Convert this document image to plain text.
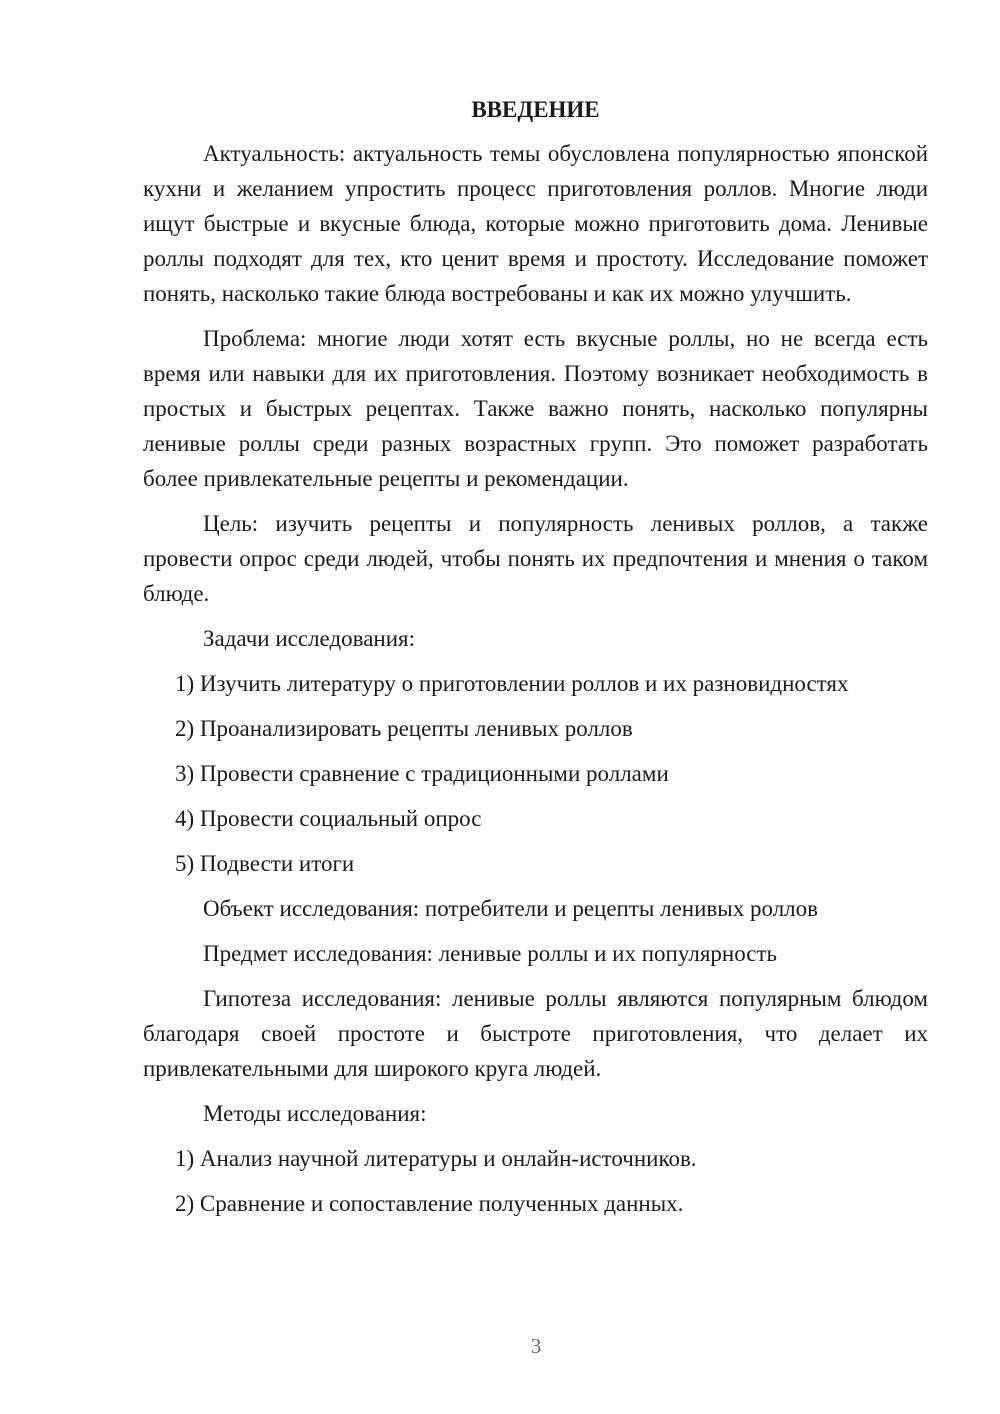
ВВЕДЕНИЕ

Актуальность: актуальность темы обусловлена популярностью японской кухни и желанием упростить процесс приготовления роллов. Многие люди ищут быстрые и вкусные блюда, которые можно приготовить дома. Ленивые роллы подходят для тех, кто ценит время и простоту. Исследование поможет понять, насколько такие блюда востребованы и как их можно улучшить.

Проблема: многие люди хотят есть вкусные роллы, но не всегда есть время или навыки для их приготовления. Поэтому возникает необходимость в простых и быстрых рецептах. Также важно понять, насколько популярны ленивые роллы среди разных возрастных групп. Это поможет разработать более привлекательные рецепты и рекомендации.

Цель: изучить рецепты и популярность ленивых роллов, а также провести опрос среди людей, чтобы понять их предпочтения и мнения о таком блюде.

Задачи исследования:
1) Изучить литературу о приготовлении роллов и их разновидностях
2) Проанализировать рецепты ленивых роллов
3) Провести сравнение с традиционными роллами
4) Провести социальный опрос
5) Подвести итоги
Объект исследования: потребители и рецепты ленивых роллов
Предмет исследования: ленивые роллы и их популярность

Гипотеза исследования: ленивые роллы являются популярным блюдом благодаря своей простоте и быстроте приготовления, что делает их привлекательными для широкого круга людей.

Методы исследования:
1) Анализ научной литературы и онлайн-источников.
2) Сравнение и сопоставление полученных данных.
3
